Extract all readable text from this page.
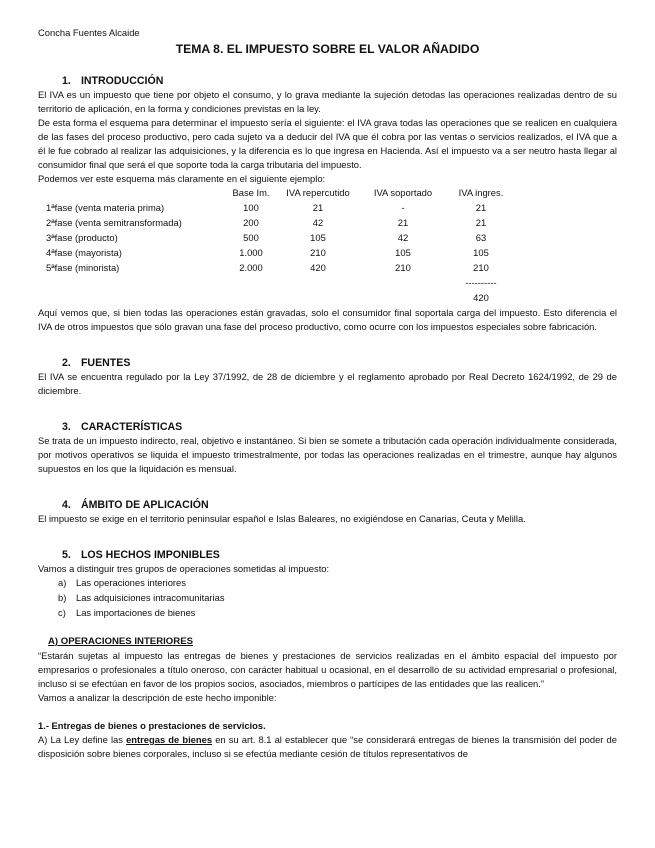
Concha Fuentes Alcaide
TEMA 8. EL IMPUESTO SOBRE EL VALOR AÑADIDO
1. INTRODUCCIÓN

El IVA es un impuesto que tiene por objeto el consumo, y lo grava mediante la sujeción detodas las operaciones realizadas dentro de su territorio de aplicación, en la forma y condiciones previstas en la ley.

De esta forma el esquema para determinar el impuesto sería el siguiente: el IVA grava todas las operaciones que se realicen en cualquiera de las fases del proceso productivo, pero cada sujeto va a deducir del IVA que él cobra por las ventas o servicios realizados, el IVA que a él le fue cobrado al realizar las adquisiciones, y la diferencia es lo que ingresa en Hacienda. Así el impuesto va a ser neutro hasta llegar al consumidor final que será el que soporte toda la carga tributaria del impuesto.

Podemos ver este esquema más claramente en el siguiente ejemplo:

	Base Im.	IVA repercutido	IVA soportado	IVA ingres.
1ªfase (venta materia prima)	100	21	-	21
2ªfase (venta semitransformada)	200	42	21	21
3ªfase (producto)	500	105	42	63
4ªfase (mayorista)	1.000	210	105	105
5ªfase (minorista)	2.000	420	210	210
				----------
				420

Aquí vemos que, si bien todas las operaciones están gravadas, solo el consumidor final soportala carga del impuesto. Esto diferencia el IVA de otros impuestos que sólo gravan una fase del proceso productivo, como ocurre con los impuestos especiales sobre fabricación.

2. FUENTES

El IVA se encuentra regulado por la Ley 37/1992, de 28 de diciembre y el reglamento aprobado por Real Decreto 1624/1992, de 29 de diciembre.

3. CARACTERÍSTICAS

Se trata de un impuesto indirecto, real, objetivo e instantáneo. Si bien se somete a tributación cada operación individualmente considerada, por motivos operativos se liquida el impuesto trimestralmente, por todas las operaciones realizadas en el trimestre, aunque hay algunos supuestos en los que la liquidación es mensual.

4. ÁMBITO DE APLICACIÓN

El impuesto se exige en el territorio peninsular español e Islas Baleares, no exigiéndose en Canarias, Ceuta y Melilla.

5. LOS HECHOS IMPONIBLES

Vamos a distinguir tres grupos de operaciones sometidas al impuesto:

a)	Las operaciones interiores
b)	Las adquisiciones intracomunitarias
c)	Las importaciones de bienes
A) OPERACIONES INTERIORES

“Estarán sujetas al impuesto las entregas de bienes y prestaciones de servicios realizadas en el ámbito espacial del impuesto por empresarios o profesionales a título oneroso, con carácter habitual u ocasional, en el desarrollo de su actividad empresarial o profesional, incluso si se efectúan en favor de los propios socios, asociados, miembros o partícipes de las entidades que las realicen.”

Vamos a analizar la descripción de este hecho imponible:

1.- Entregas de bienes o prestaciones de servicios.

A) La Ley define las entregas de bienes en su art. 8.1 al establecer que “se considerará entregas de bienes la transmisión del poder de disposición sobre bienes corporales, incluso si se efectúa mediante cesión de títulos representativos de
